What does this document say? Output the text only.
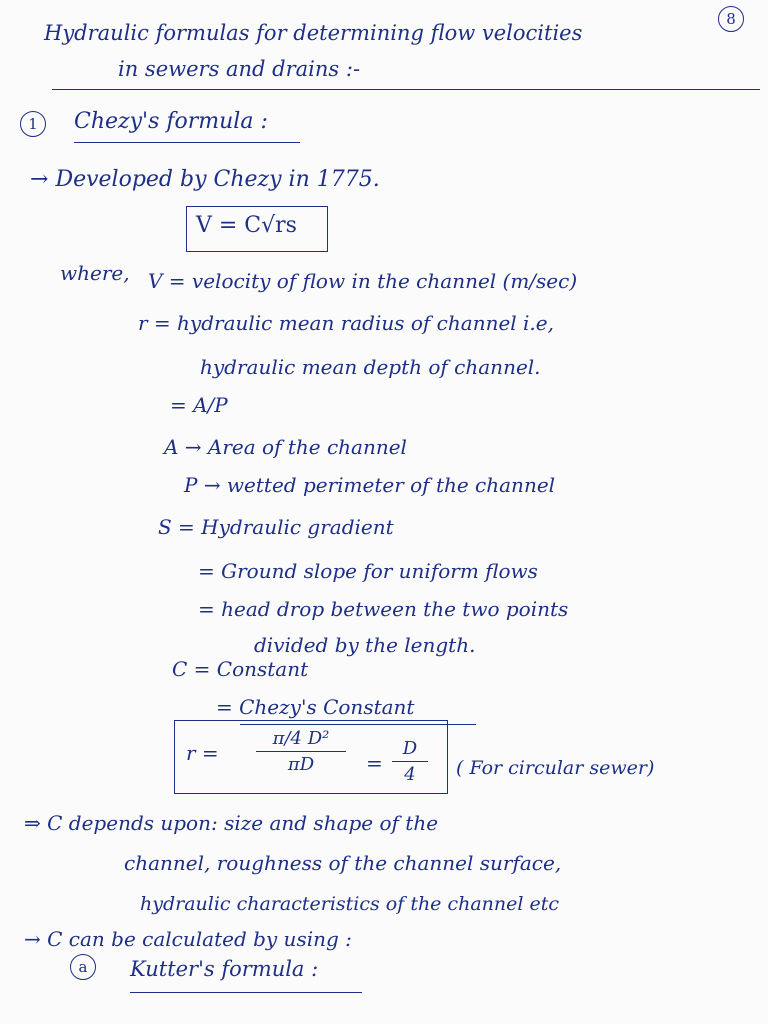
8
Hydraulic formulas for determining flow velocities
in sewers and drains :-
1 Chezy's formula :
→ Developed by Chezy in 1775.
V = C√rs
where, V = velocity of flow in the channel (m/sec)
r = hydraulic mean radius of channel i.e,
hydraulic mean depth of channel.
= A/P
A → Area of the channel
P → wetted perimeter of the channel
S = Hydraulic gradient
= Ground slope for uniform flows
= head drop between the two points
divided by the length.
C = Constant
= Chezy's Constant
r =
π/4 D²
πD	=
D
4	( For circular sewer)
⇒ C depends upon: size and shape of the
channel, roughness of the channel surface,
hydraulic characteristics of the channel etc
→ C can be calculated by using :
a Kutter's formula :
